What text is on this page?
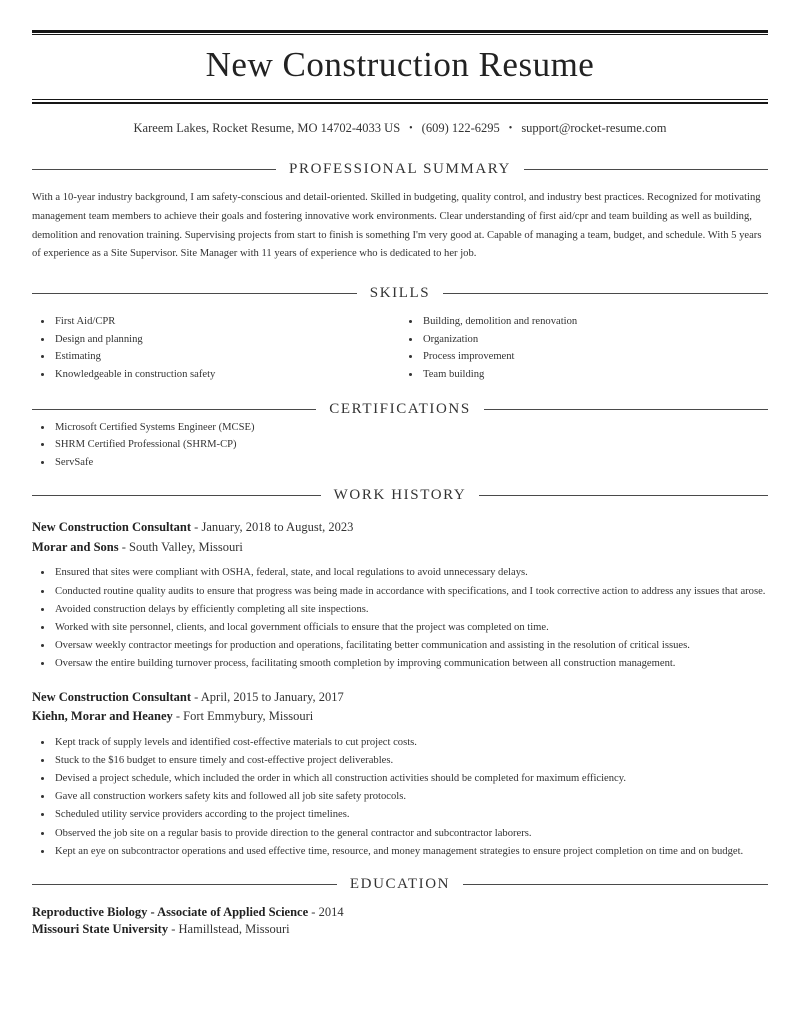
New Construction Resume
Kareem Lakes, Rocket Resume, MO 14702-4033 US • (609) 122-6295 • support@rocket-resume.com
PROFESSIONAL SUMMARY

With a 10-year industry background, I am safety-conscious and detail-oriented. Skilled in budgeting, quality control, and industry best practices. Recognized for motivating management team members to achieve their goals and fostering innovative work environments. Clear understanding of first aid/cpr and team building as well as building, demolition and renovation training. Supervising projects from start to finish is something I'm very good at. Capable of managing a team, budget, and schedule. With 5 years of experience as a Site Supervisor. Site Manager with 11 years of experience who is dedicated to her job.

SKILLS
• First Aid/CPR
• Design and planning
• Estimating
• Knowledgeable in construction safety
• Building, demolition and renovation
• Organization
• Process improvement
• Team building
CERTIFICATIONS
• Microsoft Certified Systems Engineer (MCSE)
• SHRM Certified Professional (SHRM-CP)
• ServSafe
WORK HISTORY
New Construction Consultant - January, 2018 to August, 2023
Morar and Sons - South Valley, Missouri
• Ensured that sites were compliant with OSHA, federal, state, and local regulations to avoid unnecessary delays.
• Conducted routine quality audits to ensure that progress was being made in accordance with specifications, and I took corrective action to address any issues that arose.
• Avoided construction delays by efficiently completing all site inspections.
• Worked with site personnel, clients, and local government officials to ensure that the project was completed on time.
• Oversaw weekly contractor meetings for production and operations, facilitating better communication and assisting in the resolution of critical issues.
• Oversaw the entire building turnover process, facilitating smooth completion by improving communication between all construction management.
New Construction Consultant - April, 2015 to January, 2017
Kiehn, Morar and Heaney - Fort Emmybury, Missouri
• Kept track of supply levels and identified cost-effective materials to cut project costs.
• Stuck to the $16 budget to ensure timely and cost-effective project deliverables.
• Devised a project schedule, which included the order in which all construction activities should be completed for maximum efficiency.
• Gave all construction workers safety kits and followed all job site safety protocols.
• Scheduled utility service providers according to the project timelines.
• Observed the job site on a regular basis to provide direction to the general contractor and subcontractor laborers.
• Kept an eye on subcontractor operations and used effective time, resource, and money management strategies to ensure project completion on time and on budget.
EDUCATION
Reproductive Biology - Associate of Applied Science - 2014
Missouri State University - Hamillstead, Missouri
